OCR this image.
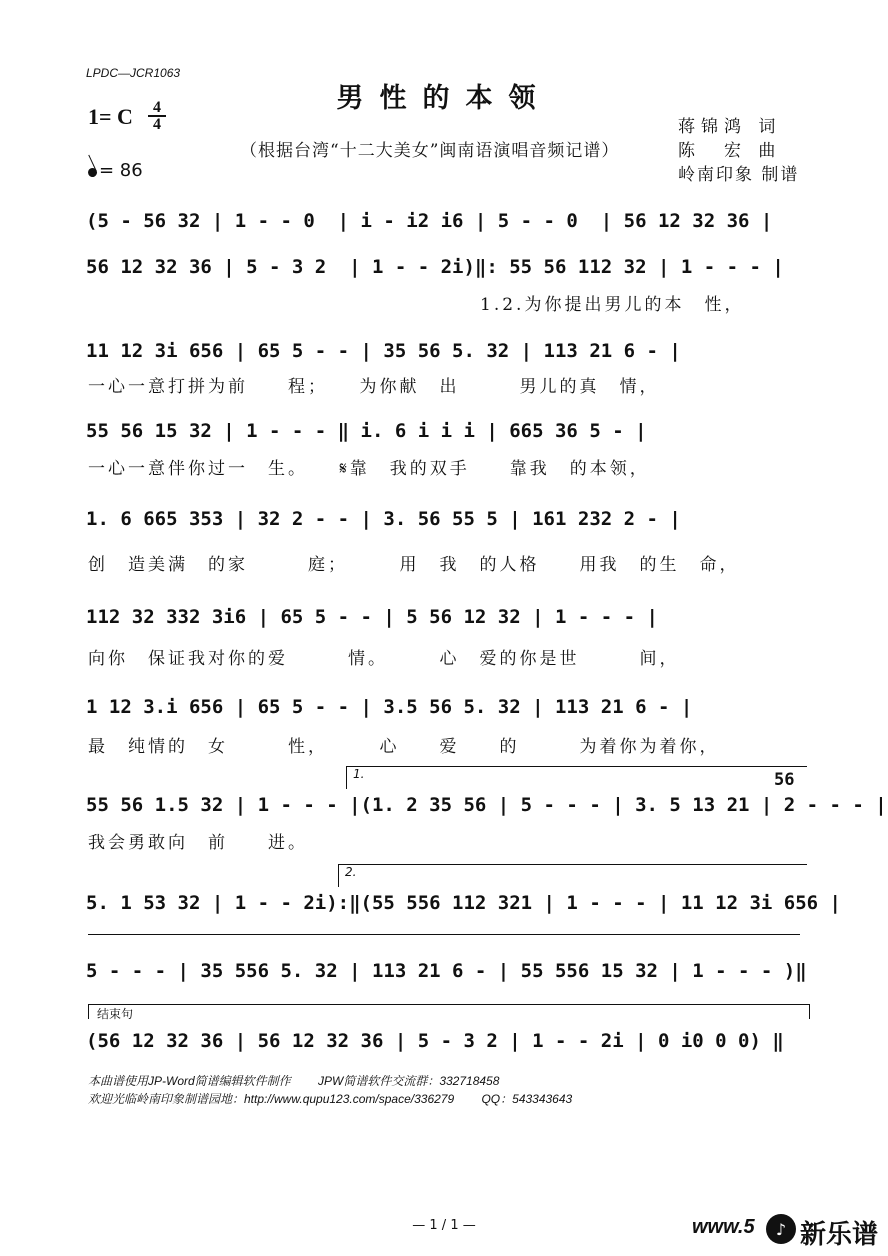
LPDC—JCR1063
男性的本领
1= C	4
4
= 86
（根据台湾“十二大美女”闽南语演唱音频记谱）
蒋锦鸿 词
陈　宏 曲
岭南印象 制谱
(5 - 56 32 | 1 - - 0  | i - i2 i6 | 5 - - 0  | 56 12 32 36 |
56 12 32 36 | 5 - 3 2  | 1 - - 2i)‖: 55 56 112 32 | 1 - - - |
1.2.为你提出男儿的本　性，
11 12 3i 656 | 65 5 - - | 35 56 5. 32 | 113 21 6 - |
一心一意打拼为前　　程；　　为你献　出　　　男儿的真　情，
55 56 15 32 | 1 - - - ‖ i. 6 i i i | 665 36 5 - |
一心一意伴你过一　生。　　𝄋靠　我的双手　　靠我　的本领，
1. 6 665 353 | 32 2 - - | 3. 56 55 5 | 161 232 2 - |
创　造美满　的家　　　庭；　　　用　我　的人格　　用我　的生　命，
112 32 332 3i6 | 65 5 - - | 5 56 12 32 | 1 - - - |
向你　保证我对你的爱　　　情。　　　心　爱的你是世　　　间，
1 12 3.i 656 | 65 5 - - | 3.5 56 5. 32 | 113 21 6 - |
最　纯情的　女　　　性，　　　心　　爱　　的　　　为着你为着你，
1.	56
55 56 1.5 32 | 1 - - - |(1. 2 35 56 | 5 - - - | 3. 5 13 21 | 2 - - - |
我会勇敢向　前　　进。
2.
5. 1 53 32 | 1 - - 2i):‖(55 556 112 321 | 1 - - - | 11 12 3i 656 |
5 - - - | 35 556 5. 32 | 113 21 6 - | 55 556 15 32 | 1 - - - )‖
结束句
(56 12 32 36 | 56 12 32 36 | 5 - 3 2 | 1 - - 2i | 0 i0 0 0) ‖
本曲谱使用JP-Word简谱编辑软件制作　　 JPW简谱软件交流群：332718458
欢迎光临岭南印象制谱园地：http://www.qupu123.com/space/336279　　 QQ：543343643
— 1 / 1 —	www.5	♪ 新乐谱
